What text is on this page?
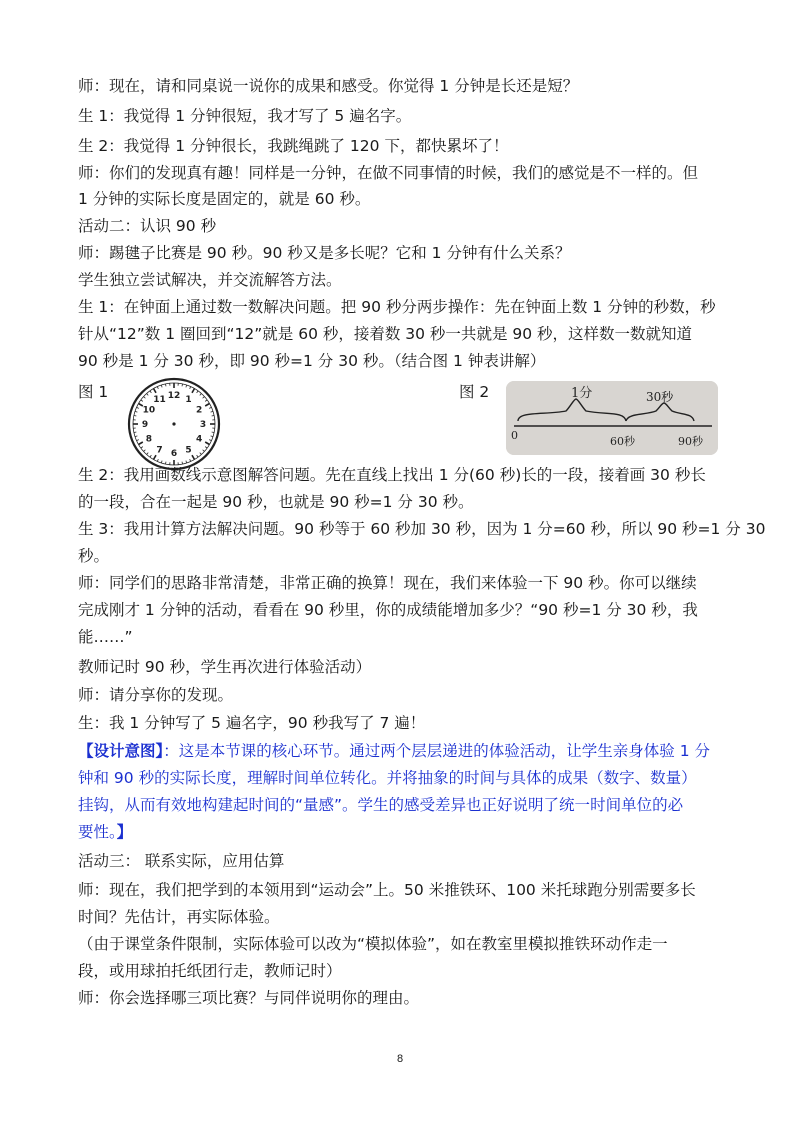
师：现在，请和同桌说一说你的成果和感受。你觉得 1 分钟是长还是短？
生 1：我觉得 1 分钟很短，我才写了 5 遍名字。
生 2：我觉得 1 分钟很长，我跳绳跳了 120 下，都快累坏了！
师：你们的发现真有趣！同样是一分钟，在做不同事情的时候，我们的感觉是不一样的。但
1 分钟的实际长度是固定的，就是 60 秒。
活动二：认识 90 秒
师：踢毽子比赛是 90 秒。90 秒又是多长呢？它和 1 分钟有什么关系？
学生独立尝试解决，并交流解答方法。
生 1：在钟面上通过数一数解决问题。把 90 秒分两步操作：先在钟面上数 1 分钟的秒数，秒
针从“12”数 1 圈回到“12”就是 60 秒，接着数 30 秒一共就是 90 秒，这样数一数就知道
90 秒是 1 分 30 秒，即 90 秒=1 分 30 秒。（结合图 1 钟表讲解）
图 1	12 1
2
3
4
5
6
7
8
9
10
11	图 2	1分	30秒
0	60秒	90秒
生 2：我用画数线示意图解答问题。先在直线上找出 1 分(60 秒)长的一段，接着画 30 秒长
的一段，合在一起是 90 秒，也就是 90 秒=1 分 30 秒。
生 3：我用计算方法解决问题。90 秒等于 60 秒加 30 秒，因为 1 分=60 秒，所以 90 秒=1 分 30
秒。
师：同学们的思路非常清楚，非常正确的换算！现在，我们来体验一下 90 秒。你可以继续
完成刚才 1 分钟的活动，看看在 90 秒里，你的成绩能增加多少？“90 秒=1 分 30 秒，我
能……”
教师记时 90 秒，学生再次进行体验活动）
师：请分享你的发现。
生：我 1 分钟写了 5 遍名字，90 秒我写了 7 遍！
【设计意图】：这是本节课的核心环节。通过两个层层递进的体验活动，让学生亲身体验 1 分
钟和 90 秒的实际长度，理解时间单位转化。并将抽象的时间与具体的成果（数字、数量）
挂钩，从而有效地构建起时间的“量感”。学生的感受差异也正好说明了统一时间单位的必
要性。】
活动三： 联系实际，应用估算
师：现在，我们把学到的本领用到“运动会”上。50 米推铁环、100 米托球跑分别需要多长
时间？先估计，再实际体验。
（由于课堂条件限制，实际体验可以改为“模拟体验”，如在教室里模拟推铁环动作走一
段，或用球拍托纸团行走，教师记时）
师：你会选择哪三项比赛？与同伴说明你的理由。
8
